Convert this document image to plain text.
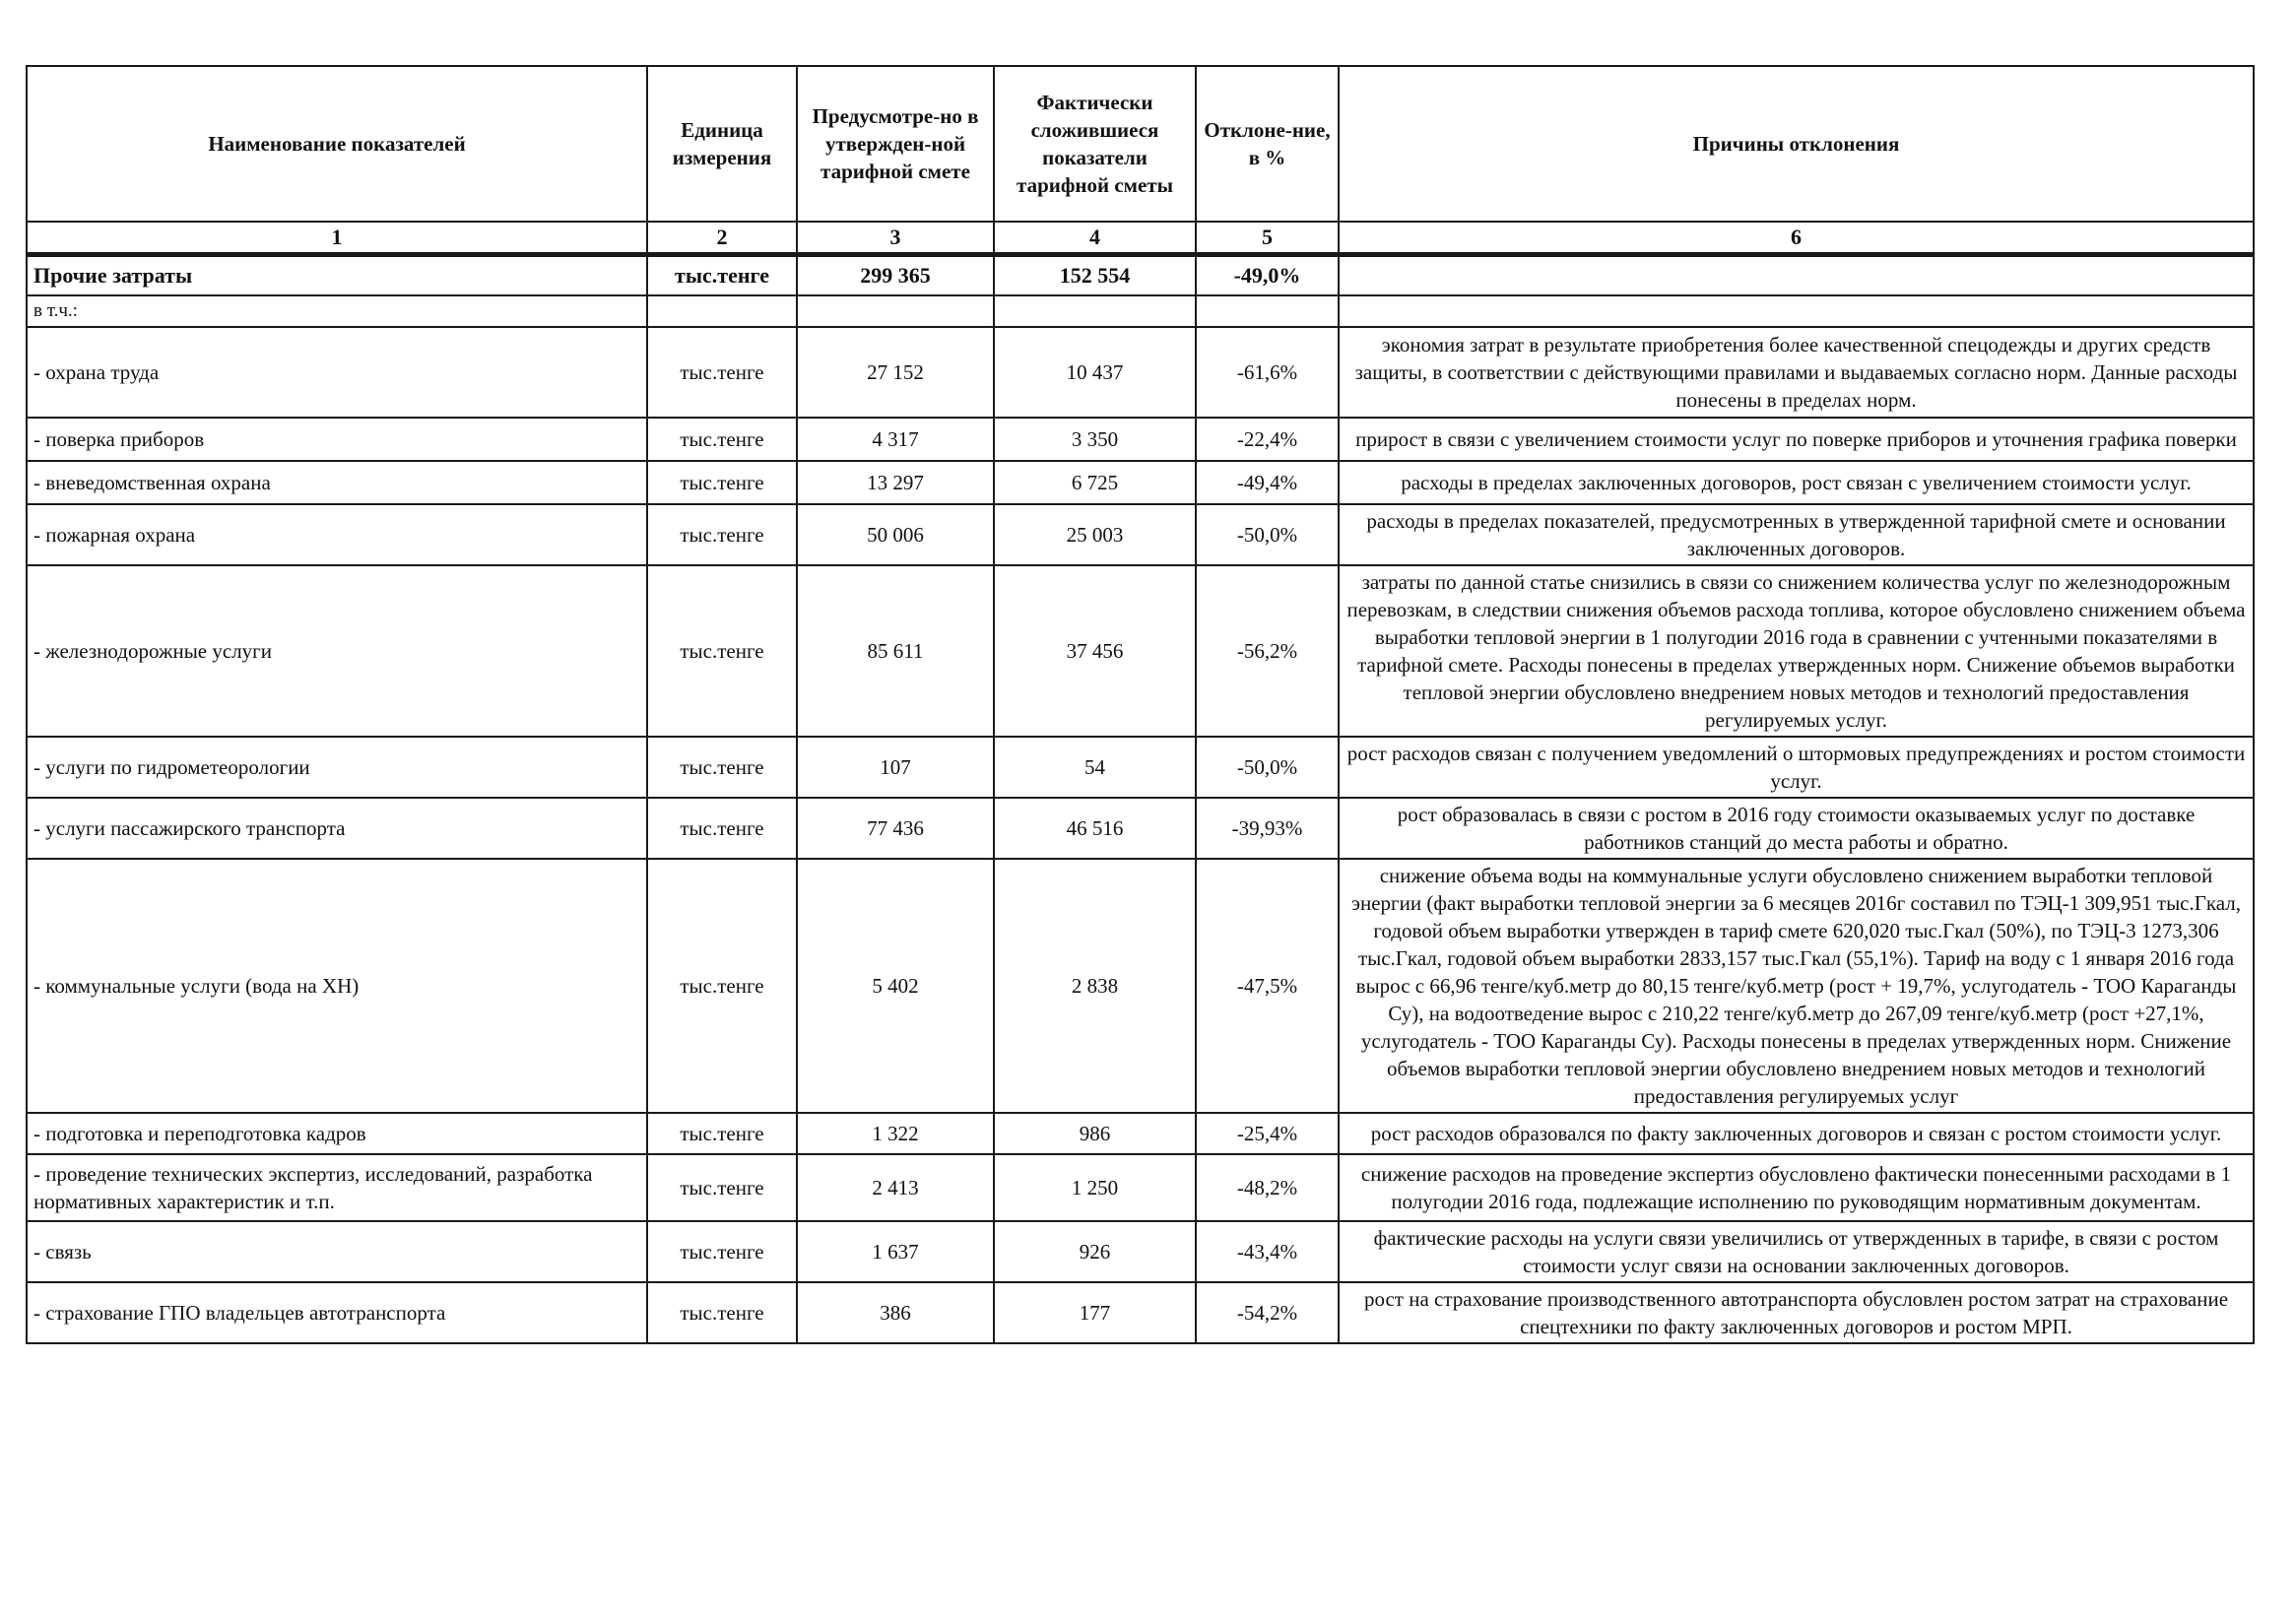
Наименование показателей	Единица измерения	Предусмотре-но в утвержден-ной тарифной смете	Фактически сложившиеся показатели тарифной сметы	Отклоне-ние, в %	Причины отклонения
1	2	3	4	5	6
Прочие затраты	тыс.тенге	299 365	152 554	-49,0%	
в т.ч.:					
- охрана труда	тыс.тенге	27 152	10 437	-61,6%	экономия затрат в результате приобретения более качественной спецодежды и других средств защиты, в соответствии с действующими правилами и выдаваемых согласно норм. Данные расходы понесены в пределах норм.
- поверка приборов	тыс.тенге	4 317	3 350	-22,4%	прирост в связи с увеличением стоимости услуг по поверке приборов и уточнения графика поверки
- вневедомственная охрана	тыс.тенге	13 297	6 725	-49,4%	расходы в пределах заключенных договоров, рост связан с увеличением стоимости услуг.
- пожарная охрана	тыс.тенге	50 006	25 003	-50,0%	расходы в пределах показателей, предусмотренных в утвержденной тарифной смете и основании заключенных договоров.
- железнодорожные услуги	тыс.тенге	85 611	37 456	-56,2%	затраты по данной статье снизились в связи со снижением количества услуг по железнодорожным перевозкам, в следствии снижения объемов расхода топлива, которое обусловлено снижением объема выработки тепловой энергии в 1 полугодии 2016 года в сравнении с учтенными показателями в тарифной смете. Расходы понесены в пределах утвержденных норм. Снижение объемов выработки тепловой энергии обусловлено внедрением новых методов и технологий предоставления регулируемых услуг.
- услуги по гидрометеорологии	тыс.тенге	107	54	-50,0%	рост расходов связан с получением уведомлений о штормовых предупреждениях и ростом стоимости услуг.
- услуги пассажирского транспорта	тыс.тенге	77 436	46 516	-39,93%	рост образовалась в связи с ростом в 2016 году стоимости оказываемых услуг по доставке работников станций до места работы и обратно.
- коммунальные услуги (вода на ХН)	тыс.тенге	5 402	2 838	-47,5%	снижение объема воды на коммунальные услуги обусловлено снижением выработки тепловой энергии (факт выработки тепловой энергии за 6 месяцев 2016г составил по ТЭЦ-1 309,951 тыс.Гкал, годовой объем выработки утвержден в тариф смете 620,020 тыс.Гкал (50%), по ТЭЦ-3 1273,306 тыс.Гкал, годовой объем выработки 2833,157 тыс.Гкал (55,1%). Тариф на воду с 1 января 2016 года вырос с 66,96 тенге/куб.метр до 80,15 тенге/куб.метр (рост + 19,7%, услугодатель - ТОО Караганды Су), на водоотведение вырос с 210,22 тенге/куб.метр до 267,09 тенге/куб.метр (рост +27,1%, услугодатель - ТОО Караганды Су). Расходы понесены в пределах утвержденных норм. Снижение объемов выработки тепловой энергии обусловлено внедрением новых методов и технологий предоставления регулируемых услуг
- подготовка и переподготовка кадров	тыс.тенге	1 322	986	-25,4%	рост расходов образовался по факту заключенных договоров и связан с ростом стоимости услуг.
- проведение технических экспертиз, исследований, разработка нормативных характеристик и т.п.	тыс.тенге	2 413	1 250	-48,2%	снижение расходов на проведение экспертиз обусловлено фактически понесенными расходами в 1 полугодии 2016 года, подлежащие исполнению по руководящим нормативным документам.
- связь	тыс.тенге	1 637	926	-43,4%	фактические расходы на услуги связи увеличились от утвержденных в тарифе, в связи с ростом стоимости услуг связи на основании заключенных договоров.
- страхование ГПО владельцев автотранспорта	тыс.тенге	386	177	-54,2%	рост на страхование производственного автотранспорта обусловлен ростом затрат на страхование спецтехники по факту заключенных договоров и ростом МРП.
